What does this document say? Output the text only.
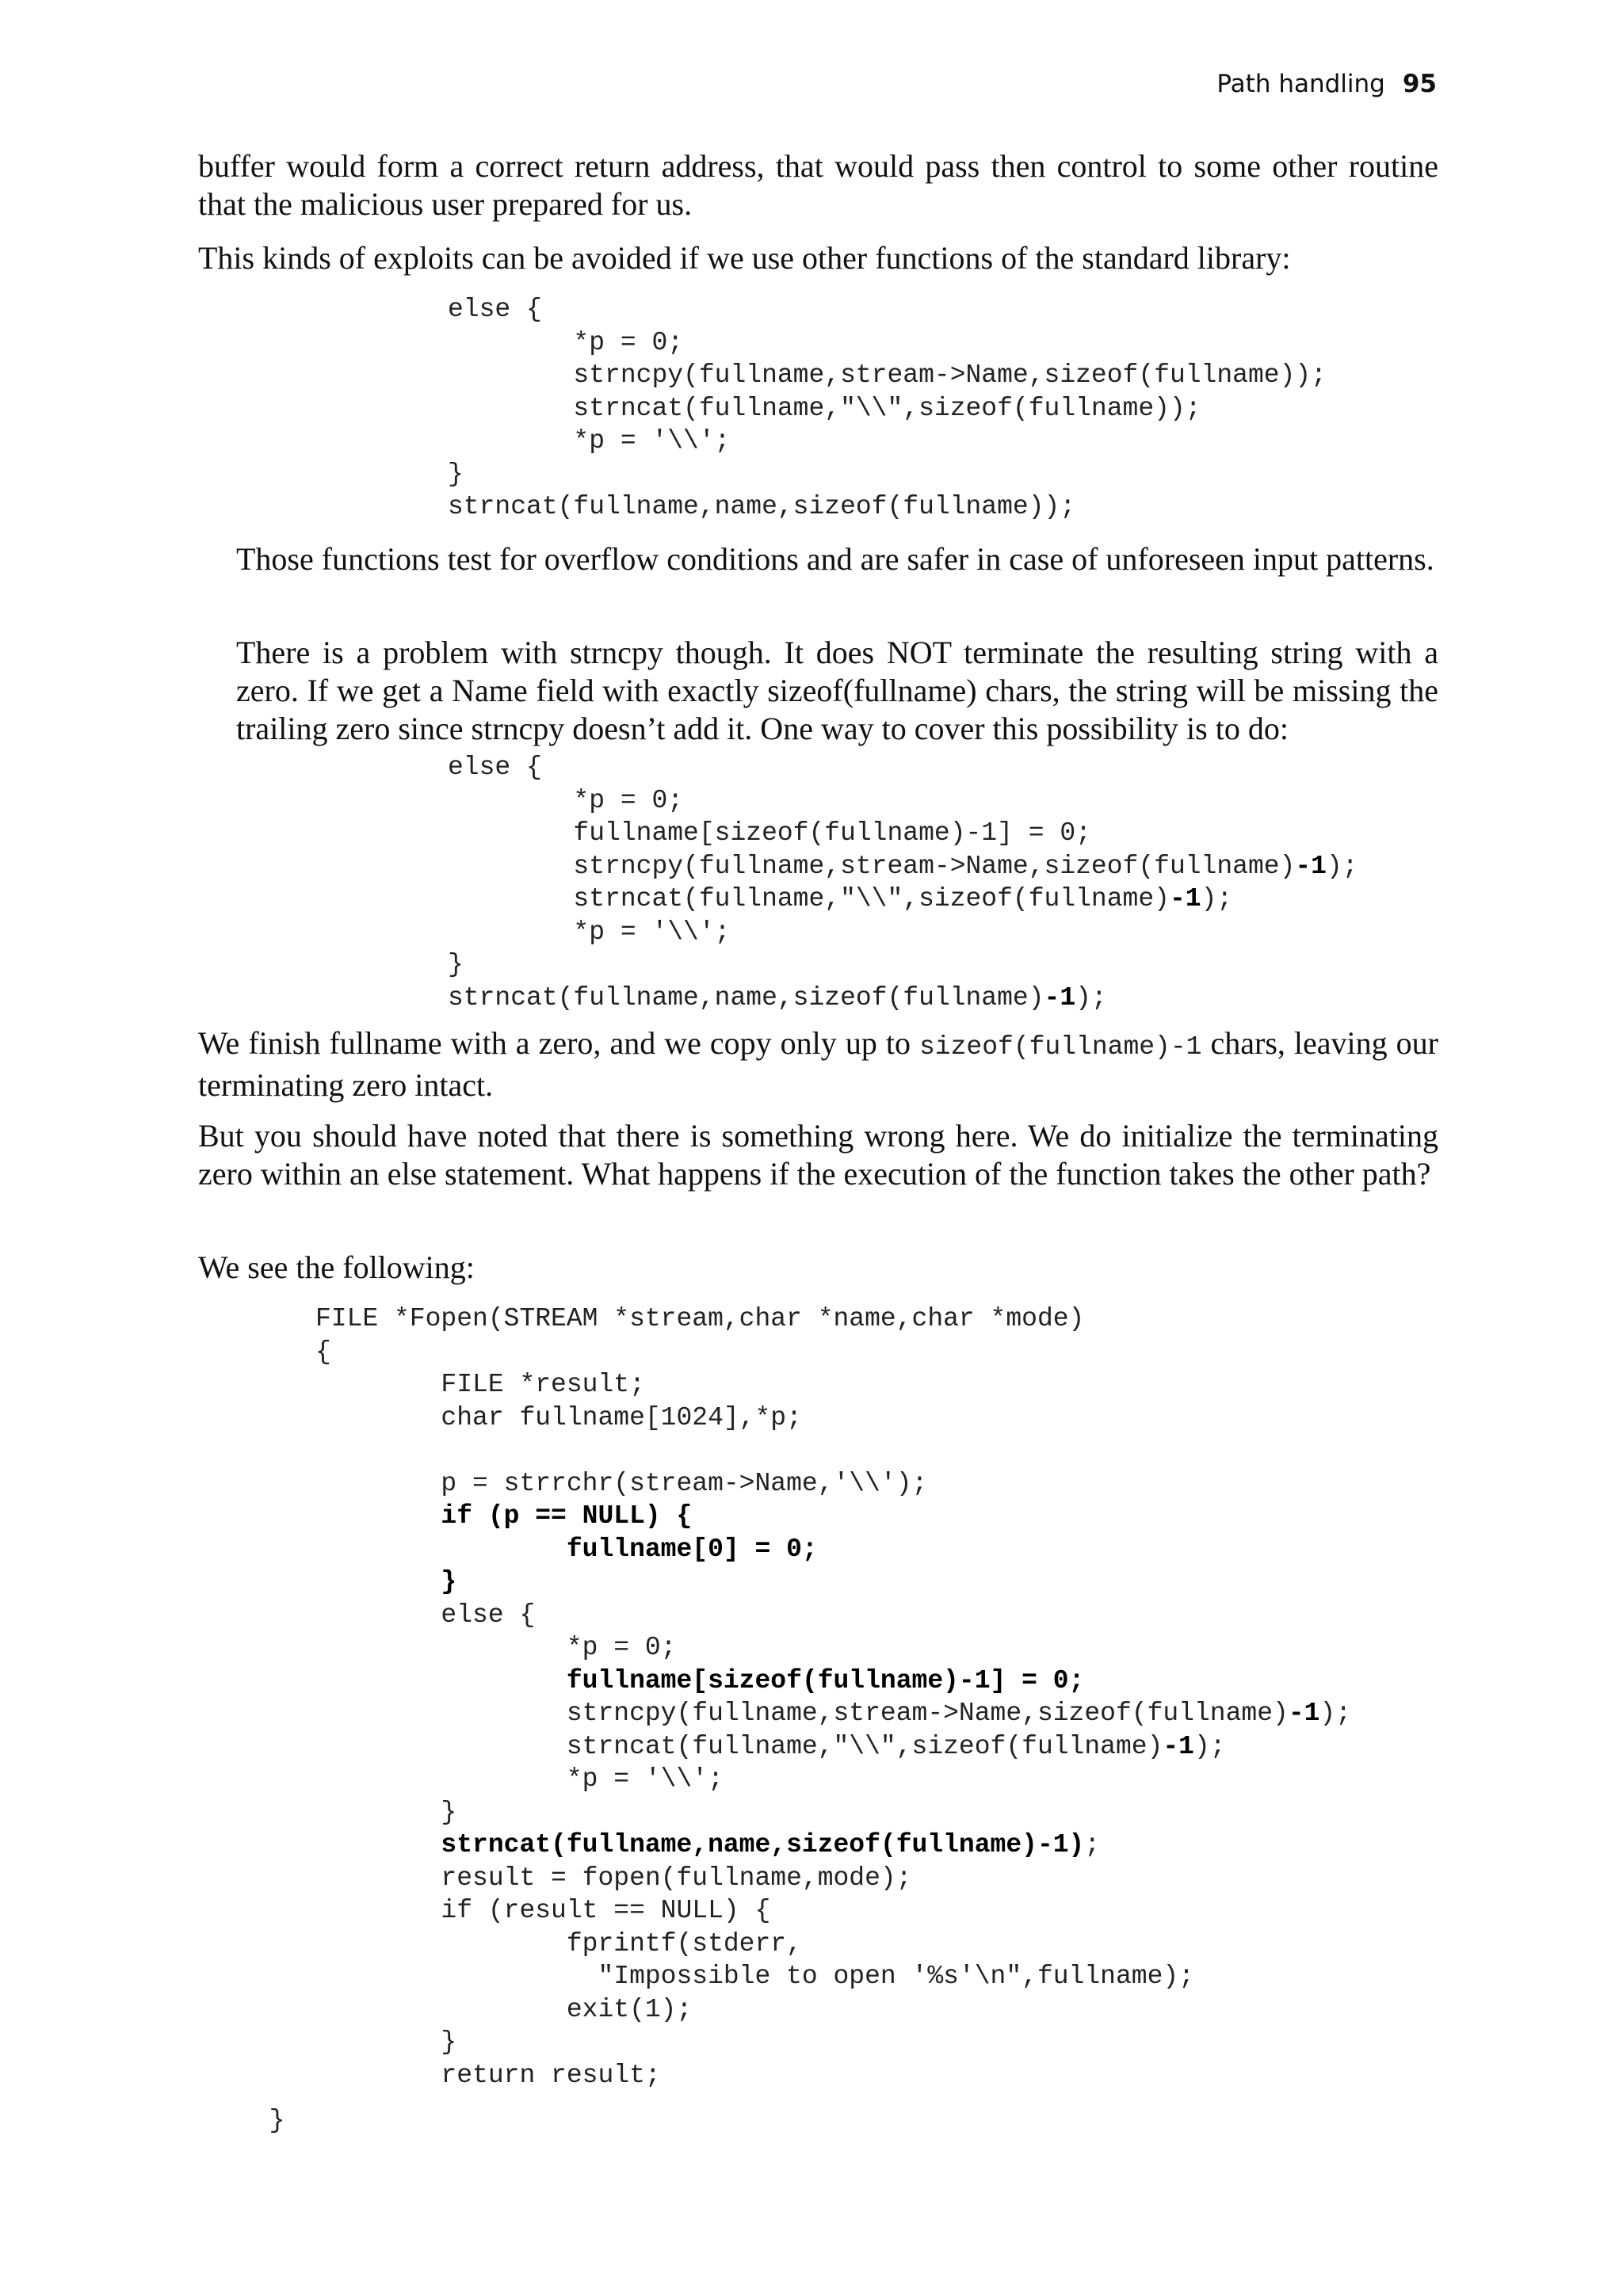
Path handling 95

buffer would form a correct return address, that would pass then control to some other routine that the malicious user prepared for us.

This kinds of exploits can be avoided if we use other functions of the standard library:

else {
*p = 0;
strncpy(fullname,stream->Name,sizeof(fullname));
strncat(fullname,"\\",sizeof(fullname));
*p = '\\';
}
strncat(fullname,name,sizeof(fullname));

Those functions test for overflow conditions and are safer in case of unforeseen input patterns.

There is a problem with strncpy though. It does NOT terminate the resulting string with a zero. If we get a Name field with exactly sizeof(fullname) chars, the string will be missing the trailing zero since strncpy doesn’t add it. One way to cover this possibility is to do:

else {
*p = 0;
fullname[sizeof(fullname)-1] = 0;
strncpy(fullname,stream->Name,sizeof(fullname)-1);
strncat(fullname,"\\",sizeof(fullname)-1);
*p = '\\';
}
strncat(fullname,name,sizeof(fullname)-1);

We finish fullname with a zero, and we copy only up to sizeof(fullname)-1 chars, leaving our terminating zero intact.

But you should have noted that there is something wrong here. We do initialize the terminating zero within an else statement. What happens if the execution of the function takes the other path?

We see the following:

FILE *Fopen(STREAM *stream,char *name,char *mode)
{
FILE *result;
char fullname[1024],*p;

p = strrchr(stream->Name,'\\');
if (p == NULL) {
fullname[0] = 0;
}
else {
*p = 0;
fullname[sizeof(fullname)-1] = 0;
strncpy(fullname,stream->Name,sizeof(fullname)-1);
strncat(fullname,"\\",sizeof(fullname)-1);
*p = '\\';
}
strncat(fullname,name,sizeof(fullname)-1);
result = fopen(fullname,mode);
if (result == NULL) {
fprintf(stderr,
"Impossible to open '%s'\n",fullname);
exit(1);
}
return result;
}
